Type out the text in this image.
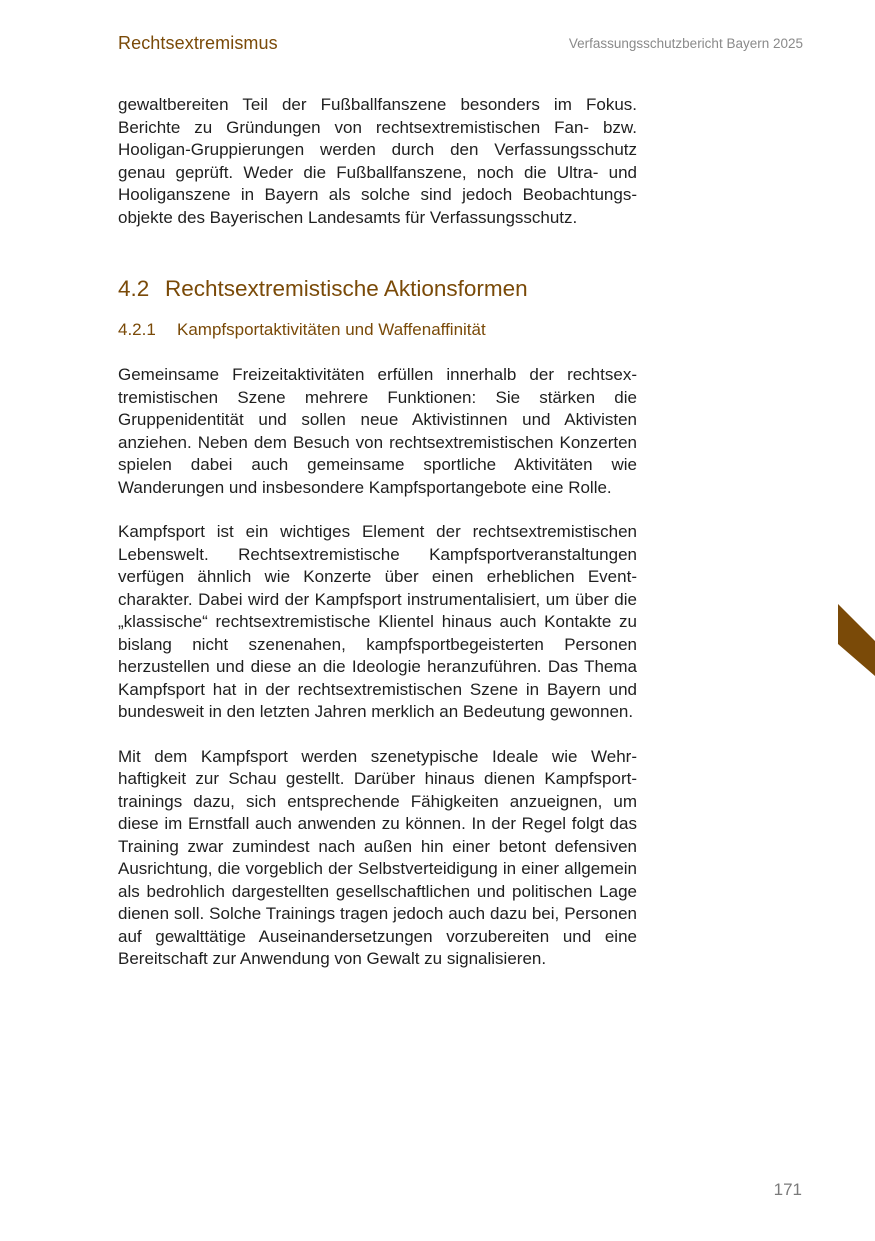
Rechtsextremismus	Verfassungsschutzbericht Bayern 2025

gewaltbereiten Teil der Fußballfanszene besonders im Fokus. Berichte zu Gründungen von rechtsextremistischen Fan- bzw. Hooligan-Gruppierungen werden durch den Verfassungsschutz genau geprüft. Weder die Fußballfanszene, noch die Ultra- und Hooliganszene in Bayern als solche sind jedoch Beobachtungsobjekte des Bayerischen Landesamts für Verfassungsschutz.

4.2 Rechtsextremistische Aktionsformen
4.2.1 Kampfsportaktivitäten und Waffenaffinität

Gemeinsame Freizeitaktivitäten erfüllen innerhalb der rechtsextremistischen Szene mehrere Funktionen: Sie stärken die Gruppenidentität und sollen neue Aktivistinnen und Aktivisten anziehen. Neben dem Besuch von rechtsextremistischen Konzerten spielen dabei auch gemeinsame sportliche Aktivitäten wie Wanderungen und insbesondere Kampfsportangebote eine Rolle.

Kampfsport ist ein wichtiges Element der rechtsextremistischen Lebenswelt. Rechtsextremistische Kampfsportveranstaltungen verfügen ähnlich wie Konzerte über einen erheblichen Eventcharakter. Dabei wird der Kampfsport instrumentalisiert, um über die „klassische“ rechtsextremistische Klientel hinaus auch Kontakte zu bislang nicht szenenahen, kampfsportbegeisterten Personen herzustellen und diese an die Ideologie heranzuführen. Das Thema Kampfsport hat in der rechtsextremistischen Szene in Bayern und bundesweit in den letzten Jahren merklich an Bedeutung gewonnen.

Mit dem Kampfsport werden szenetypische Ideale wie Wehrhaftigkeit zur Schau gestellt. Darüber hinaus dienen Kampfsporttrainings dazu, sich entsprechende Fähigkeiten anzueignen, um diese im Ernstfall auch anwenden zu können. In der Regel folgt das Training zwar zumindest nach außen hin einer betont defensiven Ausrichtung, die vorgeblich der Selbstverteidigung in einer allgemein als bedrohlich dargestellten gesellschaftlichen und politischen Lage dienen soll. Solche Trainings tragen jedoch auch dazu bei, Personen auf gewalttätige Auseinandersetzungen vorzubereiten und eine Bereitschaft zur Anwendung von Gewalt zu signalisieren.

171
